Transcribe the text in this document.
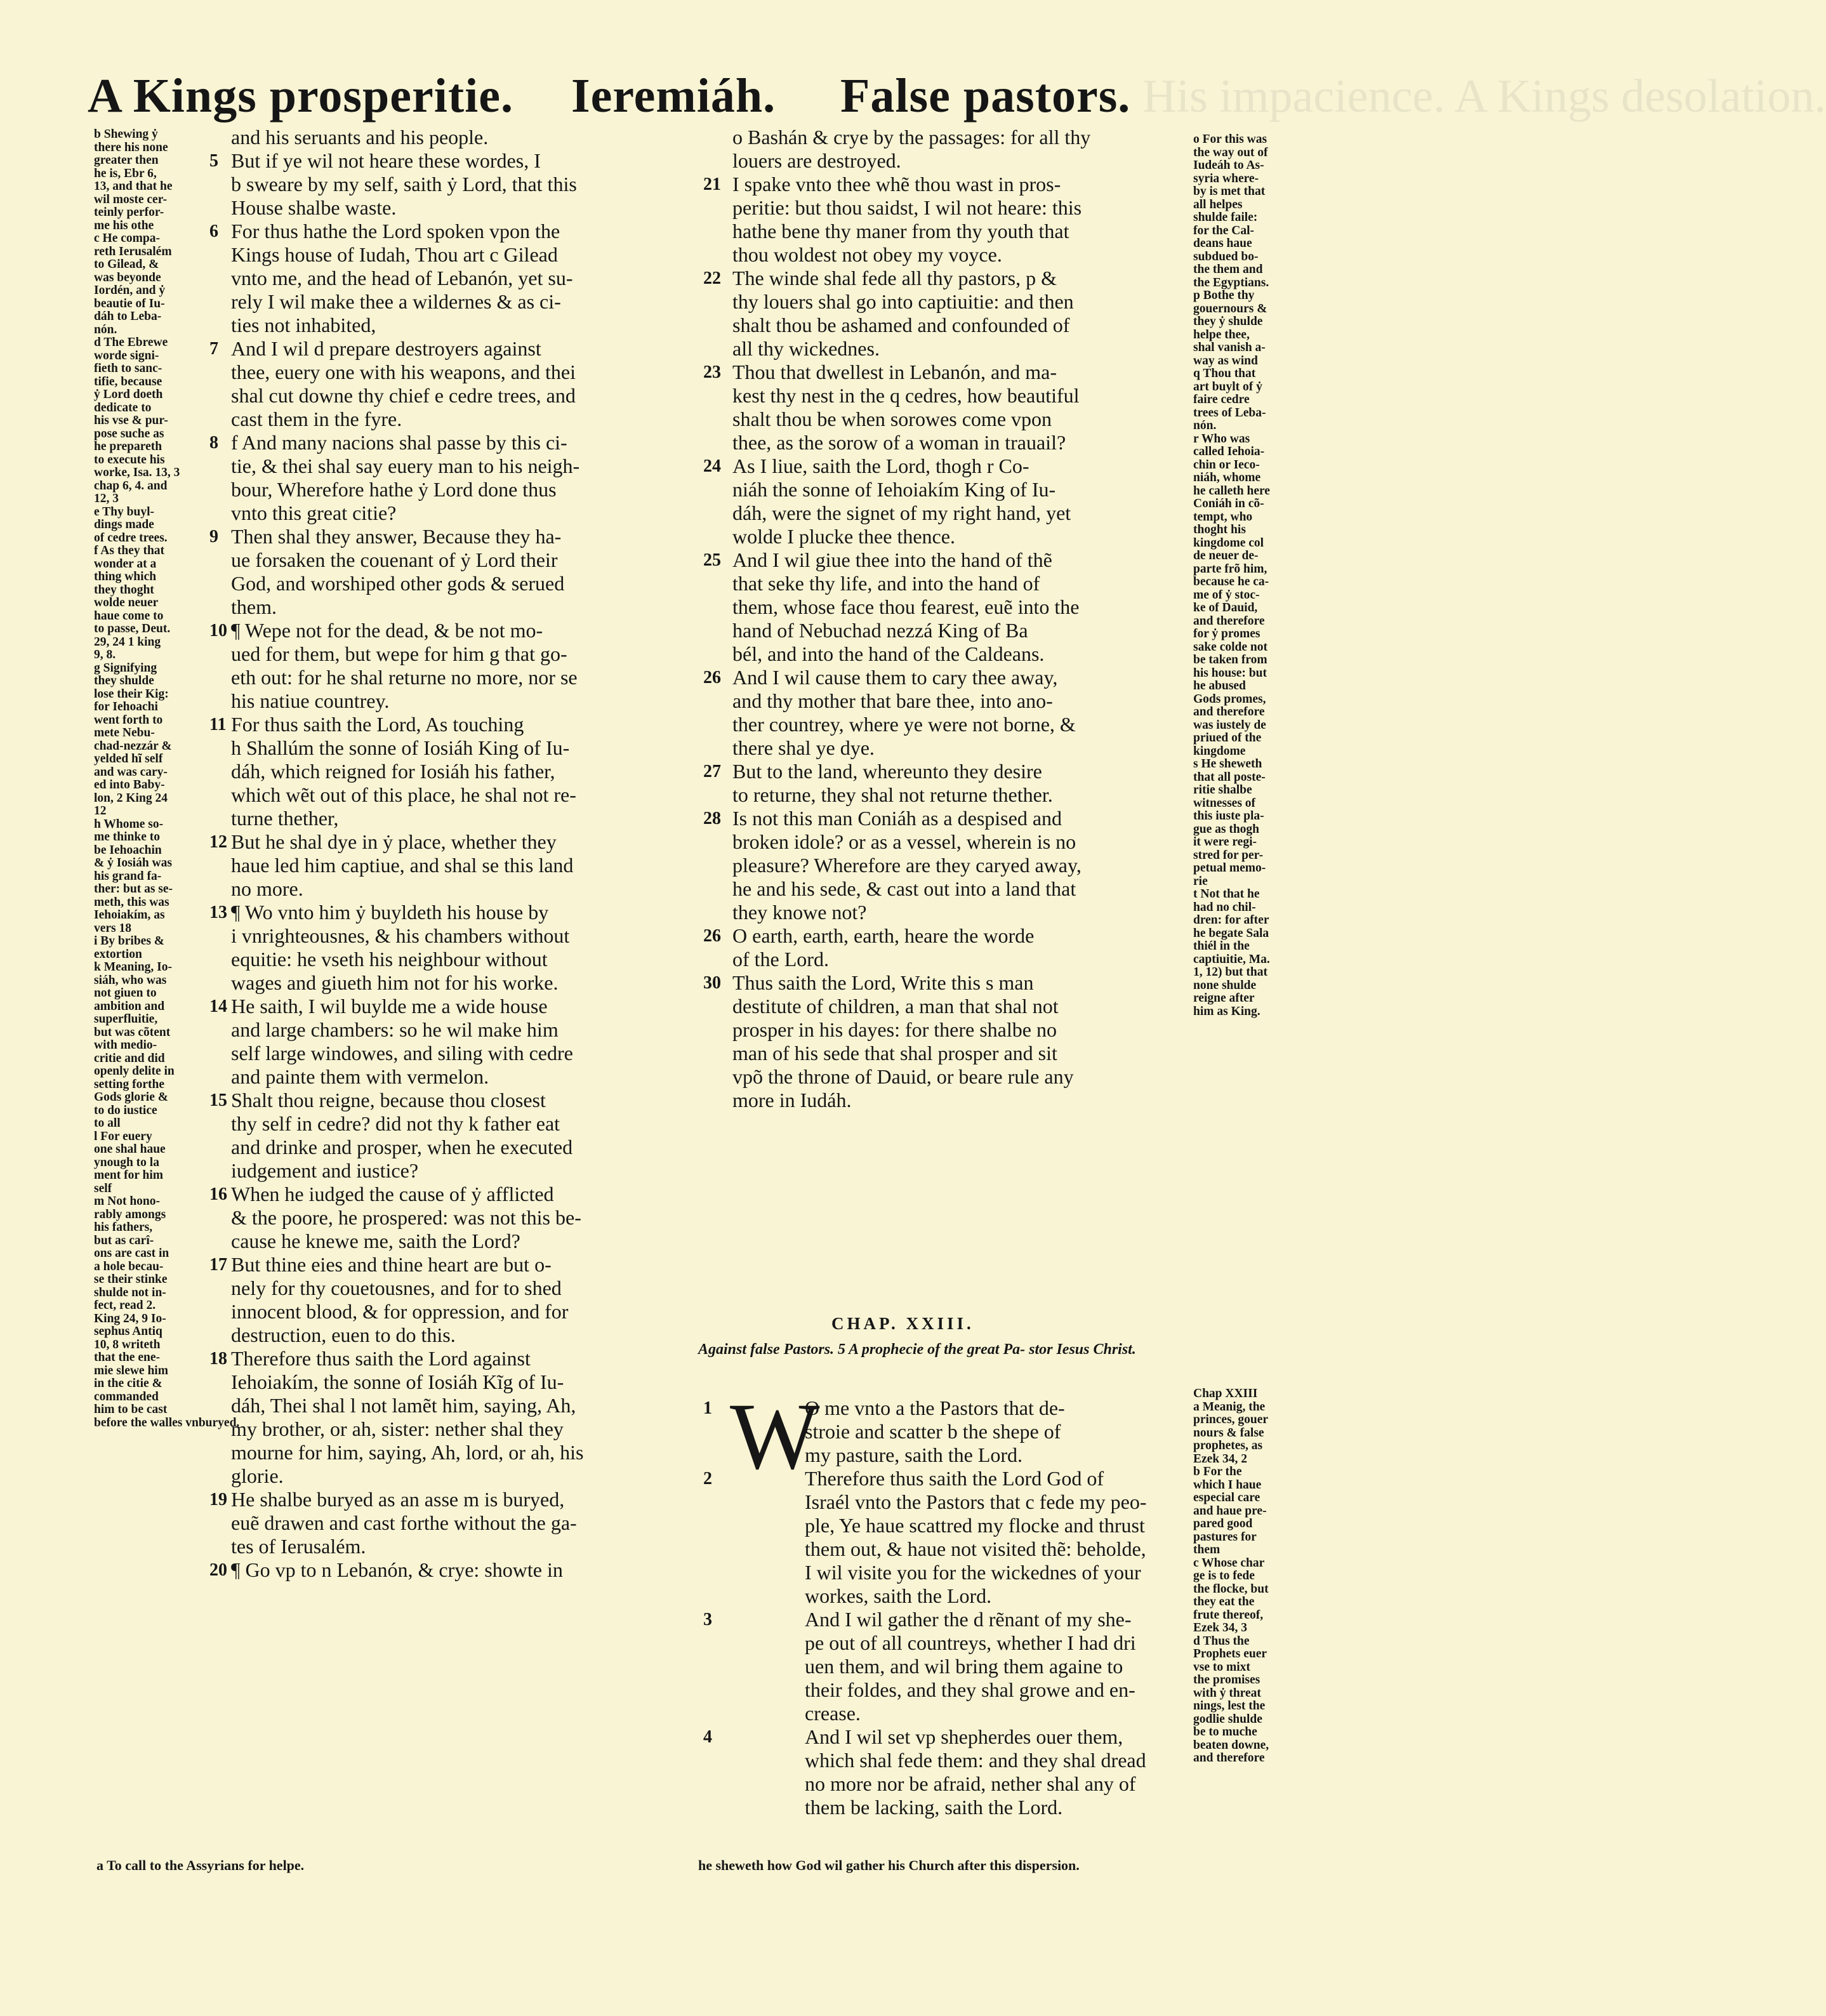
His impacience. A Kings desolation.
A Kings prosperitie. Ieremiáh. False pastors.
b Shewing ẏ
there his none
greater then
he is, Ebr 6,
13, and that he
wil moste cer-
teinly perfor-
me his othe
c He compa-
reth Ierusalém
to Gilead, &
was beyonde
Iordén, and ẏ
beautie of Iu-
dáh to Leba-
nón.
d The Ebrewe
worde signi-
fieth to sanc-
tifie, because
ẏ Lord doeth
dedicate to
his vse & pur-
pose suche as
he prepareth
to execute his
worke, Isa. 13, 3
chap 6, 4. and
12, 3
e Thy buyl-
dings made
of cedre trees.
f As they that
wonder at a
thing which
they thoght
wolde neuer
haue come to
to passe, Deut.
29, 24 1 king
9, 8.
g Signifying
they shulde
lose their Kig:
for Iehoachi
went forth to
mete Nebu-
chad-nezzár &
yelded hĩ self
and was cary-
ed into Baby-
lon, 2 King 24
12
h Whome so-
me thinke to
be Iehoachin
& ẏ Iosiáh was
his grand fa-
ther: but as se-
meth, this was
Iehoiakím, as
vers 18
i By bribes &
extortion
k Meaning, Io-
siáh, who was
not giuen to
ambition and
superfluitie,
but was cõtent
with medio-
critie and did
openly delite in
setting forthe
Gods glorie &
to do iustice
to all
l For euery
one shal haue
ynough to la
ment for him
self
m Not hono-
rably amongs
his fathers,
but as carî-
ons are cast in
a hole becau-
se their stinke
shulde not in-
fect, read 2.
King 24, 9 Io-
sephus Antiq
10, 8 writeth
that the ene-
mie slewe him
in the citie &
commanded
him to be cast
before the walles vnburyed.
and his seruants and his people.
But if ye wil not heare these wordes, I
b sweare by my self, saith ẏ Lord, that this
House shalbe waste.
For thus hathe the Lord spoken vpon the
Kings house of Iudah, Thou art c Gilead
vnto me, and the head of Lebanón, yet su-
rely I wil make thee a wildernes & as ci-
ties not inhabited,
And I wil d prepare destroyers against
thee, euery one with his weapons, and thei
shal cut downe thy chief e cedre trees, and
cast them in the fyre.
f And many nacions shal passe by this ci-
tie, & thei shal say euery man to his neigh-
bour, Wherefore hathe ẏ Lord done thus
vnto this great citie?
Then shal they answer, Because they ha-
ue forsaken the couenant of ẏ Lord their
God, and worshiped other gods & serued
them.
¶ Wepe not for the dead, & be not mo-
ued for them, but wepe for him g that go-
eth out: for he shal returne no more, nor se
his natiue countrey.
For thus saith the Lord, As touching
h Shallúm the sonne of Iosiáh King of Iu-
dáh, which reigned for Iosiáh his father,
which wẽt out of this place, he shal not re-
turne thether,
But he shal dye in ẏ place, whether they
haue led him captiue, and shal se this land
no more.
¶ Wo vnto him ẏ buyldeth his house by
i vnrighteousnes, & his chambers without
equitie: he vseth his neighbour without
wages and giueth him not for his worke.
He saith, I wil buylde me a wide house
and large chambers: so he wil make him
self large windowes, and siling with cedre
and painte them with vermelon.
Shalt thou reigne, because thou closest
thy self in cedre? did not thy k father eat
and drinke and prosper, when he executed
iudgement and iustice?
When he iudged the cause of ẏ afflicted
& the poore, he prospered: was not this be-
cause he knewe me, saith the Lord?
But thine eies and thine heart are but o-
nely for thy couetousnes, and for to shed
innocent blood, & for oppression, and for
destruction, euen to do this.
Therefore thus saith the Lord against
Iehoiakím, the sonne of Iosiáh Kĩg of Iu-
dáh, Thei shal l not lamẽt him, saying, Ah,
my brother, or ah, sister: nether shal they
mourne for him, saying, Ah, lord, or ah, his
glorie.
He shalbe buryed as an asse m is buryed,
euẽ drawen and cast forthe without the ga-
tes of Ierusalém.
¶ Go vp to n Lebanón, & crye: showte in
o Bashán & crye by the passages: for all thy
louers are destroyed.
I spake vnto thee whẽ thou wast in pros-
peritie: but thou saidst, I wil not heare: this
hathe bene thy maner from thy youth that
thou woldest not obey my voyce.
The winde shal fede all thy pastors, p &
thy louers shal go into captiuitie: and then
shalt thou be ashamed and confounded of
all thy wickednes.
Thou that dwellest in Lebanón, and ma-
kest thy nest in the q cedres, how beautiful
shalt thou be when sorowes come vpon
thee, as the sorow of a woman in trauail?
As I liue, saith the Lord, thogh r Co-
niáh the sonne of Iehoiakím King of Iu-
dáh, were the signet of my right hand, yet
wolde I plucke thee thence.
And I wil giue thee into the hand of thẽ
that seke thy life, and into the hand of
them, whose face thou fearest, euẽ into the
hand of Nebuchad nezzá King of Ba
bél, and into the hand of the Caldeans.
And I wil cause them to cary thee away,
and thy mother that bare thee, into ano-
ther countrey, where ye were not borne, &
there shal ye dye.
But to the land, whereunto they desire
to returne, they shal not returne thether.
Is not this man Coniáh as a despised and
broken idole? or as a vessel, wherein is no
pleasure? Wherefore are they caryed away,
he and his sede, & cast out into a land that
they knowe not?
O earth, earth, earth, heare the worde
of the Lord.
Thus saith the Lord, Write this s man
destitute of children, a man that shal not
prosper in his dayes: for there shalbe no
man of his sede that shal prosper and sit
vpõ the throne of Dauid, or beare rule any
more in Iudáh.
o For this was
the way out of
Iudeáh to As-
syria where-
by is met that
all helpes
shulde faile:
for the Cal-
deans haue
subdued bo-
the them and
the Egyptians.
p Bothe thy
gouernours &
they ẏ shulde
helpe thee,
shal vanish a-
way as wind
q Thou that
art buylt of ẏ
faire cedre
trees of Leba-
nón.
r Who was
called Iehoia-
chin or Ieco-
niáh, whome
he calleth here
Coniáh in cõ-
tempt, who
thoght his
kingdome col
de neuer de-
parte frõ him,
because he ca-
me of ẏ stoc-
ke of Dauid,
and therefore
for ẏ promes
sake colde not
be taken from
his house: but
he abused
Gods promes,
and therefore
was iustely de
priued of the
kingdome
s He sheweth
that all poste-
ritie shalbe
witnesses of
this iuste pla-
gue as thogh
it were regi-
stred for per-
petual memo-
rie
t Not that he
had no chil-
dren: for after
he begate Sala
thiél in the
captiuitie, Ma.
1, 12) but that
none shulde
reigne after
him as King.
CHAP. XXIII.
Against false Pastors. 5 A prophecie of the great Pa- stor Iesus Christ.
W
O me vnto a the Pastors that de-
stroie and scatter b the shepe of
my pasture, saith the Lord.
Therefore thus saith the Lord God of
Israél vnto the Pastors that c fede my peo-
ple, Ye haue scattred my flocke and thrust
them out, & haue not visited thẽ: beholde,
I wil visite you for the wickednes of your
workes, saith the Lord.
And I wil gather the d rẽnant of my she-
pe out of all countreys, whether I had dri
uen them, and wil bring them againe to
their foldes, and they shal growe and en-
crease.
And I wil set vp shepherdes ouer them,
which shal fede them: and they shal dread
no more nor be afraid, nether shal any of
them be lacking, saith the Lord.
Chap XXIII
a Meanig, the
princes, gouer
nours & false
prophetes, as
Ezek 34, 2
b For the
which I haue
especial care
and haue pre-
pared good
pastures for
them
c Whose char
ge is to fede
the flocke, but
they eat the
frute thereof,
Ezek 34, 3
d Thus the
Prophets euer
vse to mixt
the promises
with ẏ threat
nings, lest the
godlie shulde
be to muche
beaten downe,
and therefore
a To call to the Assyrians for helpe.	he sheweth how God wil gather his Church after this dispersion.
5
6
7
8
9
10
11
12
13
14
15
16
17
18
19
20
21
22
23
24
25
26
27
28
26
30
1
2
3
4
